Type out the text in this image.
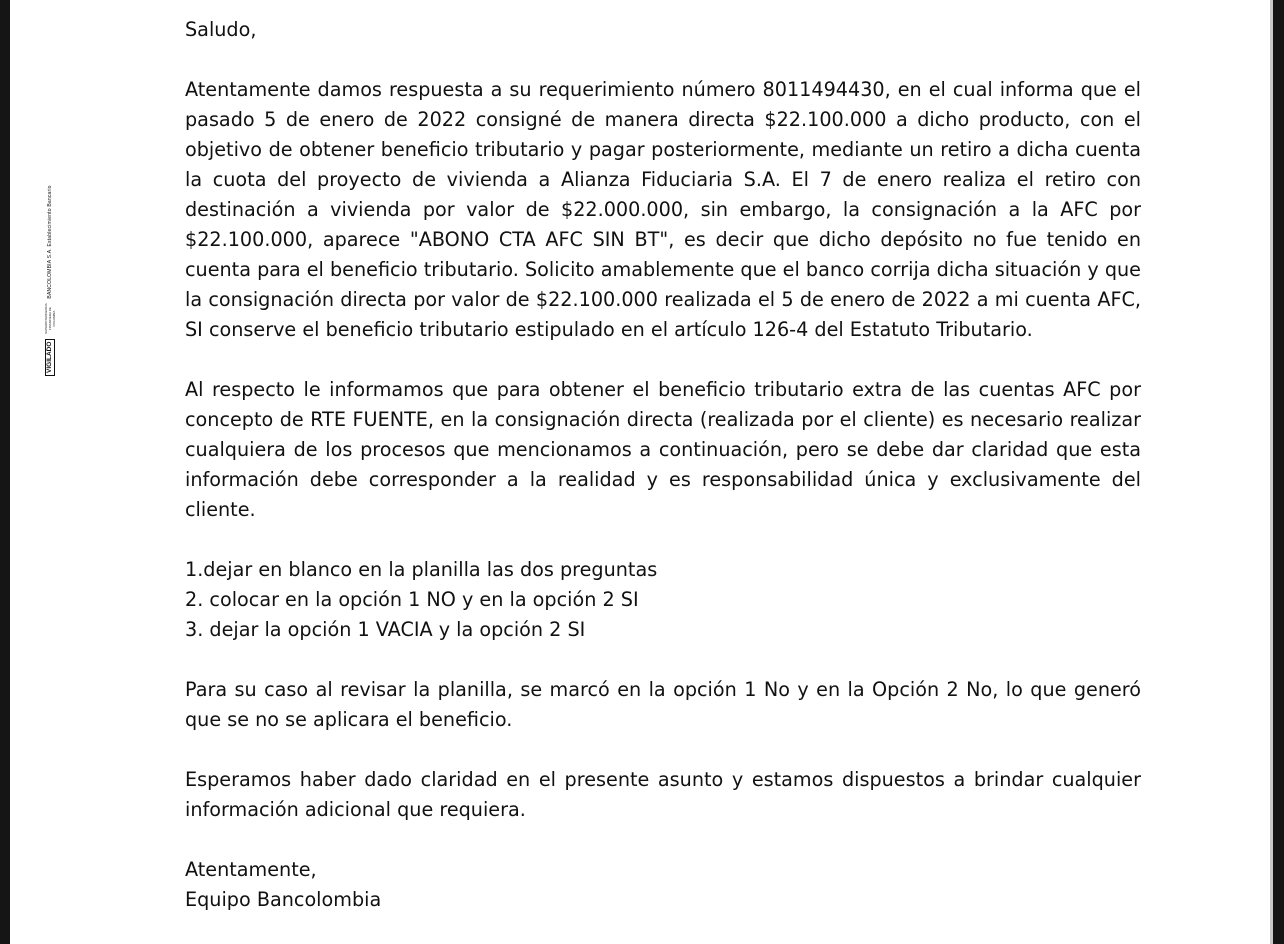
VIGILADO
SUPERINTENDENCIA FINANCIERA DE COLOMBIA
BANCOLOMBIA S.A. Establecimiento Bancario

Saludo,

Atentamente damos respuesta a su requerimiento número 8011494430, en el cual informa que el pasado 5 de enero de 2022 consigné de manera directa $22.100.000 a dicho producto, con el objetivo de obtener beneficio tributario y pagar posteriormente, mediante un retiro a dicha cuenta la cuota del proyecto de vivienda a Alianza Fiduciaria S.A. El 7 de enero realiza el retiro con destinación a vivienda por valor de $22.000.000, sin embargo, la consignación a la AFC por $22.100.000, aparece "ABONO CTA AFC SIN BT", es decir que dicho depósito no fue tenido en cuenta para el beneficio tributario. Solicito amablemente que el banco corrija dicha situación y que la consignación directa por valor de $22.100.000 realizada el 5 de enero de 2022 a mi cuenta AFC, SI conserve el beneficio tributario estipulado en el artículo 126-4 del Estatuto Tributario.

Al respecto le informamos que para obtener el beneficio tributario extra de las cuentas AFC por concepto de RTE FUENTE, en la consignación directa (realizada por el cliente) es necesario realizar cualquiera de los procesos que mencionamos a continuación, pero se debe dar claridad que esta información debe corresponder a la realidad y es responsabilidad única y exclusivamente del cliente.

1.dejar en blanco en la planilla las dos preguntas

2. colocar en la opción 1 NO y en la opción 2 SI

3. dejar la opción 1 VACIA y la opción 2 SI

Para su caso al revisar la planilla, se marcó en la opción 1 No y en la Opción 2 No, lo que generó que se no se aplicara el beneficio.

Esperamos haber dado claridad en el presente asunto y estamos dispuestos a brindar cualquier información adicional que requiera.

Atentamente,

Equipo Bancolombia
